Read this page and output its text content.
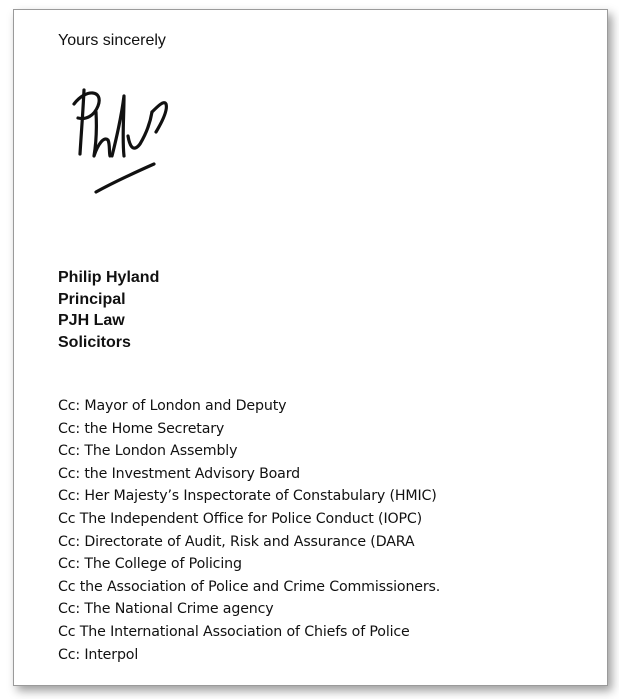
Yours sincerely

Philip Hyland
Principal
PJH Law
Solicitors
Cc: Mayor of London and Deputy
Cc: the Home Secretary
Cc: The London Assembly
Cc: the Investment Advisory Board
Cc: Her Majesty’s Inspectorate of Constabulary (HMIC)
Cc The Independent Office for Police Conduct (IOPC)
Cc: Directorate of Audit, Risk and Assurance (DARA
Cc: The College of Policing
Cc the Association of Police and Crime Commissioners.
Cc: The National Crime agency
Cc The International Association of Chiefs of Police
Cc: Interpol
